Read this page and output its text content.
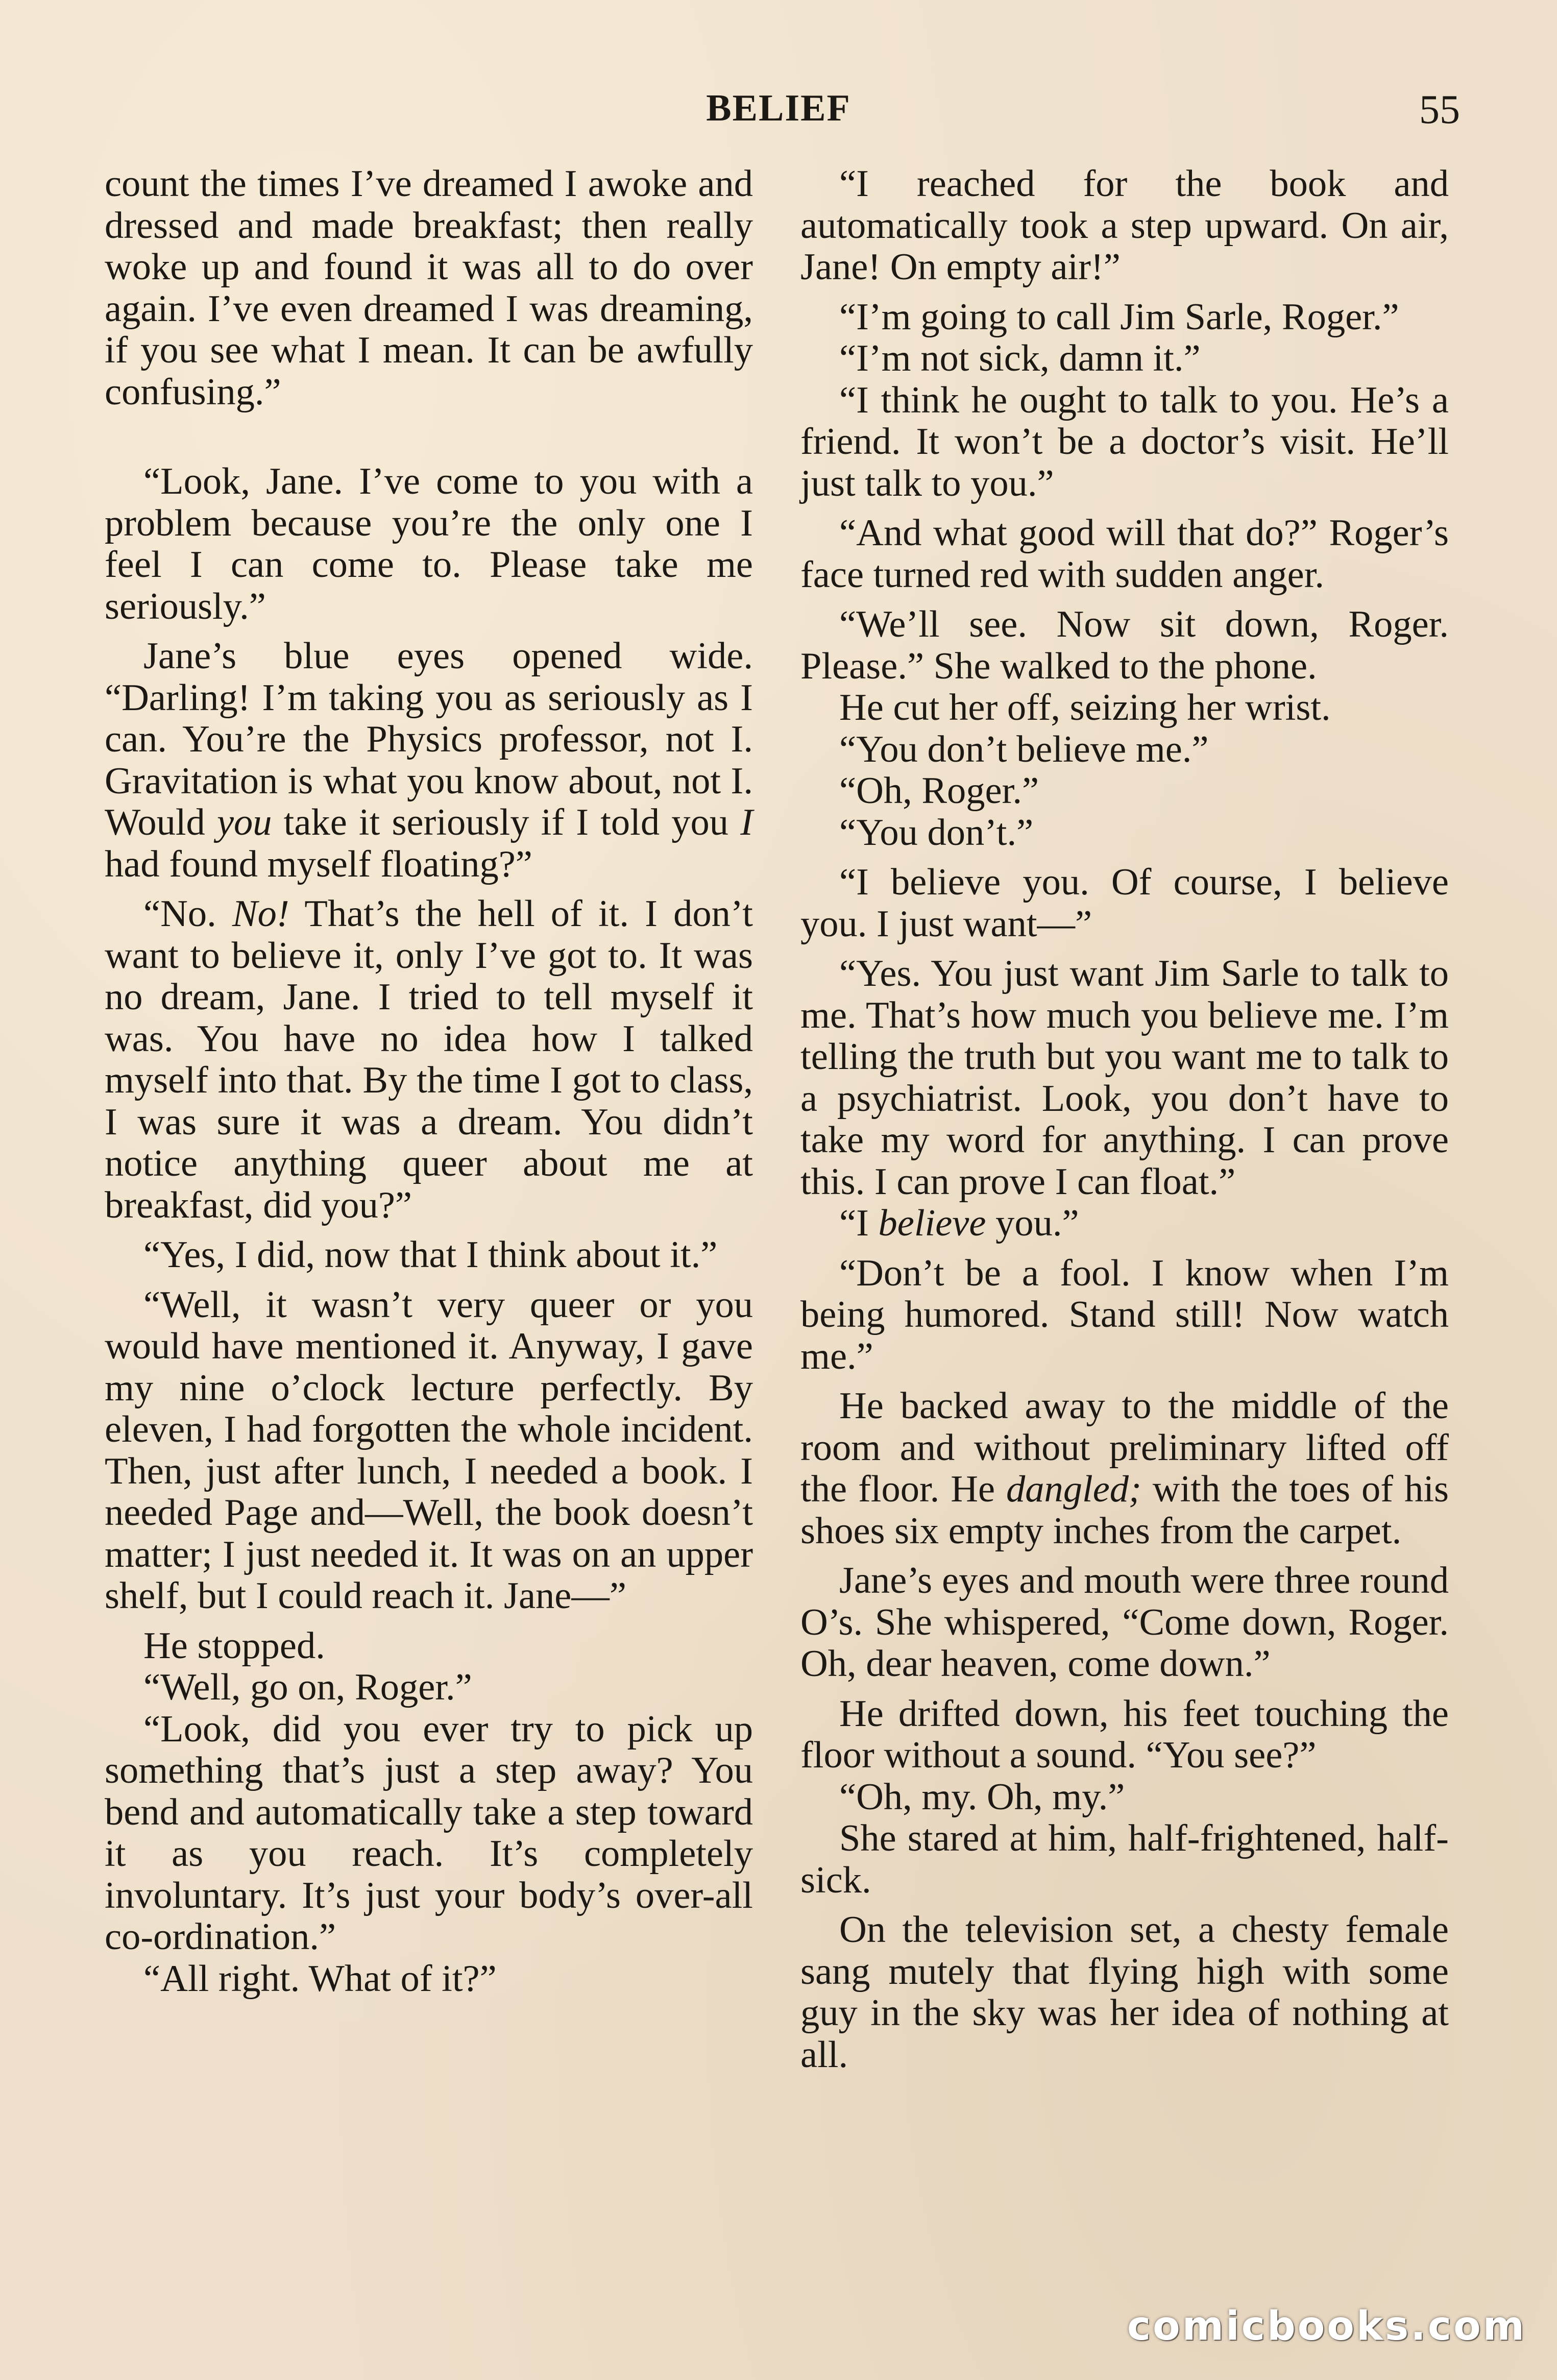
BELIEF	55

count the times I’ve dreamed I awoke and dressed and made breakfast; then really woke up and found it was all to do over again. I’ve even dreamed I was dreaming, if you see what I mean. It can be awfully confusing.”

“Look, Jane. I’ve come to you with a problem because you’re the only one I feel I can come to. Please take me seriously.”

Jane’s blue eyes opened wide. “Darling! I’m taking you as seriously as I can. You’re the Physics professor, not I. Gravitation is what you know about, not I. Would you take it seriously if I told you I had found myself floating?”

“No. No! That’s the hell of it. I don’t want to believe it, only I’ve got to. It was no dream, Jane. I tried to tell myself it was. You have no idea how I talked myself into that. By the time I got to class, I was sure it was a dream. You didn’t notice anything queer about me at breakfast, did you?”

“Yes, I did, now that I think about it.”

“Well, it wasn’t very queer or you would have mentioned it. Anyway, I gave my nine o’clock lecture perfectly. By eleven, I had forgotten the whole incident. Then, just after lunch, I needed a book. I needed Page and—Well, the book doesn’t matter; I just needed it. It was on an upper shelf, but I could reach it. Jane—”

He stopped.

“Well, go on, Roger.”

“Look, did you ever try to pick up something that’s just a step away? You bend and automatically take a step toward it as you reach. It’s completely involuntary. It’s just your body’s over-all co-ordination.”

“All right. What of it?”

“I reached for the book and automatically took a step upward. On air, Jane! On empty air!”

“I’m going to call Jim Sarle, Roger.”

“I’m not sick, damn it.”

“I think he ought to talk to you. He’s a friend. It won’t be a doctor’s visit. He’ll just talk to you.”

“And what good will that do?” Roger’s face turned red with sudden anger.

“We’ll see. Now sit down, Roger. Please.” She walked to the phone.

He cut her off, seizing her wrist.

“You don’t believe me.”

“Oh, Roger.”

“You don’t.”

“I believe you. Of course, I believe you. I just want—”

“Yes. You just want Jim Sarle to talk to me. That’s how much you believe me. I’m telling the truth but you want me to talk to a psychiatrist. Look, you don’t have to take my word for anything. I can prove this. I can prove I can float.”

“I believe you.”

“Don’t be a fool. I know when I’m being humored. Stand still! Now watch me.”

He backed away to the middle of the room and without preliminary lifted off the floor. He dangled; with the toes of his shoes six empty inches from the carpet.

Jane’s eyes and mouth were three round O’s. She whispered, “Come down, Roger. Oh, dear heaven, come down.”

He drifted down, his feet touching the floor without a sound. “You see?”

“Oh, my. Oh, my.”

She stared at him, half-frightened, half-sick.

On the television set, a chesty female sang mutely that flying high with some guy in the sky was her idea of nothing at all.

comicbooks.com
